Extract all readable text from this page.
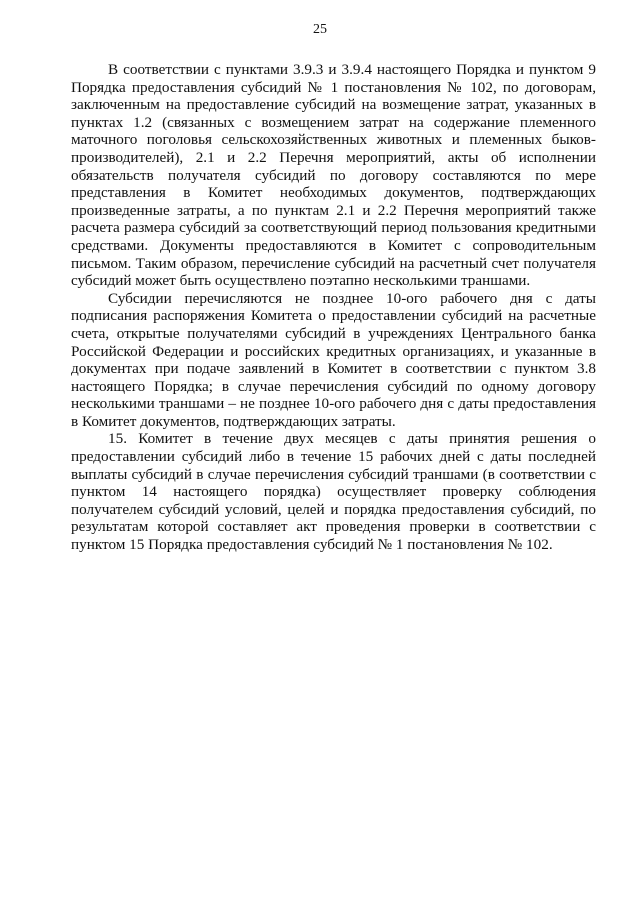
25

В соответствии с пунктами 3.9.3 и 3.9.4 настоящего Порядка и пунктом 9 Порядка предоставления субсидий № 1 постановления № 102, по договорам, заключенным на предоставление субсидий на возмещение затрат, указанных в пунктах 1.2 (связанных с возмещением затрат на содержание племенного маточного поголовья сельскохозяйственных животных и племенных быков-производителей), 2.1 и 2.2 Перечня мероприятий, акты об исполнении обязательств получателя субсидий по договору составляются по мере представления в Комитет необходимых документов, подтверждающих произведенные затраты, а по пунктам 2.1 и 2.2 Перечня мероприятий также расчета размера субсидий за соответствующий период пользования кредитными средствами. Документы предоставляются в Комитет с сопроводительным письмом. Таким образом, перечисление субсидий на расчетный счет получателя субсидий может быть осуществлено поэтапно несколькими траншами.

Субсидии перечисляются не позднее 10-ого рабочего дня с даты подписания распоряжения Комитета о предоставлении субсидий на расчетные счета, открытые получателями субсидий в учреждениях Центрального банка Российской Федерации и российских кредитных организациях, и указанные в документах при подаче заявлений в Комитет в соответствии с пунктом 3.8 настоящего Порядка; в случае перечисления субсидий по одному договору несколькими траншами – не позднее 10-ого рабочего дня с даты предоставления в Комитет документов, подтверждающих затраты.

15. Комитет в течение двух месяцев с даты принятия решения о предоставлении субсидий либо в течение 15 рабочих дней с даты последней выплаты субсидий в случае перечисления субсидий траншами (в соответствии с пунктом 14 настоящего порядка) осуществляет проверку соблюдения получателем субсидий условий, целей и порядка предоставления субсидий, по результатам которой составляет акт проведения проверки в соответствии с пунктом 15 Порядка предоставления субсидий № 1 постановления № 102.
